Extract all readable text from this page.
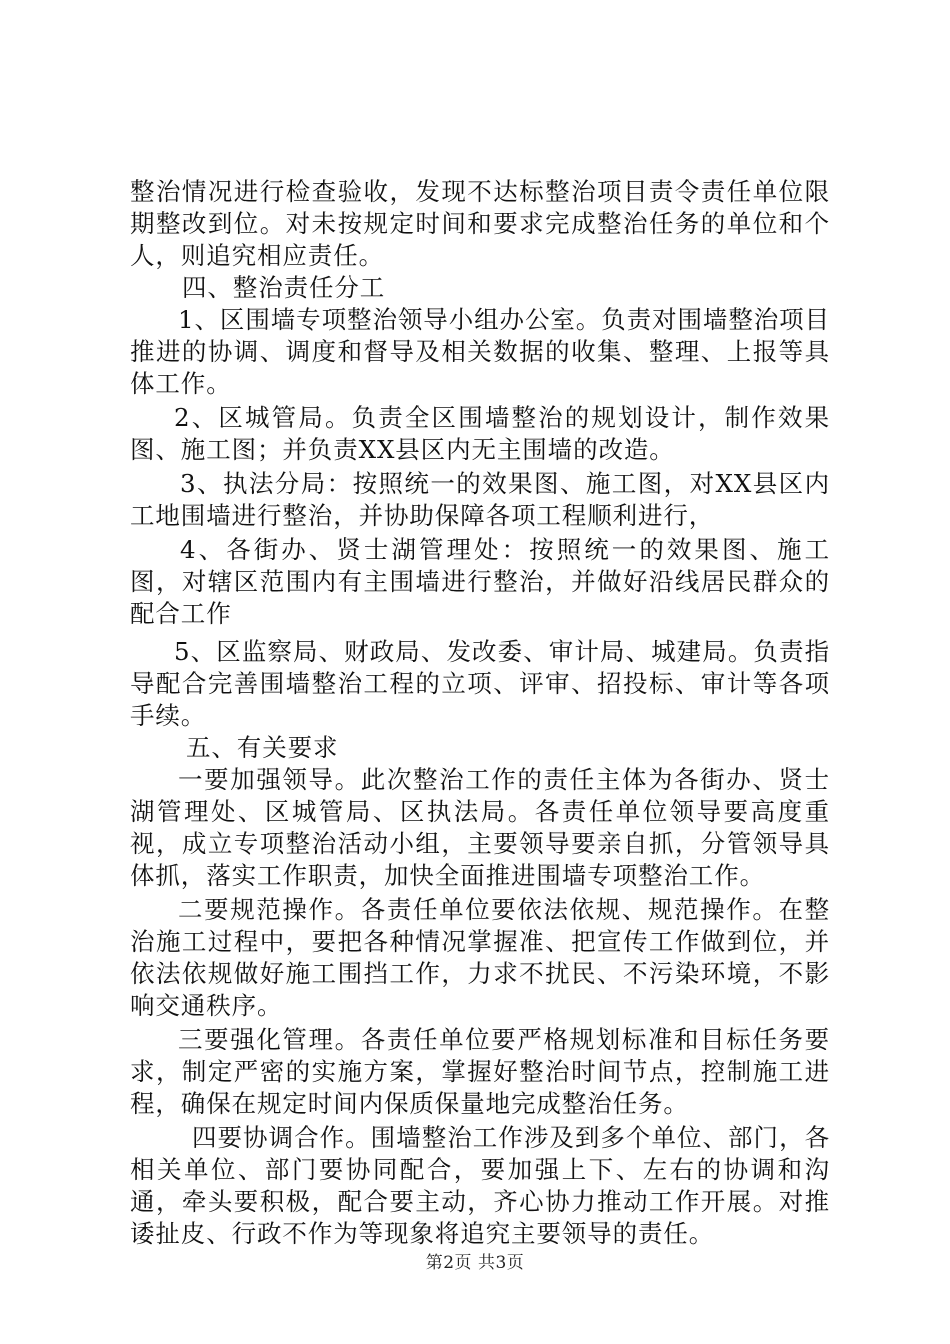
整治情况进行检查验收，发现不达标整治项目责令责任单位限期整改到位。对未按规定时间和要求完成整治任务的单位和个人，则追究相应责任。

四、整治责任分工

1、区围墙专项整治领导小组办公室。负责对围墙整治项目推进的协调、调度和督导及相关数据的收集、整理、上报等具体工作。

2、区城管局。负责全区围墙整治的规划设计，制作效果图、施工图；并负责XX县区内无主围墙的改造。

3、执法分局：按照统一的效果图、施工图，对XX县区内工地围墙进行整治，并协助保障各项工程顺利进行，

4、各街办、贤士湖管理处：按照统一的效果图、施工图，对辖区范围内有主围墙进行整治，并做好沿线居民群众的配合工作

5、区监察局、财政局、发改委、审计局、城建局。负责指导配合完善围墙整治工程的立项、评审、招投标、审计等各项手续。

五、有关要求

一要加强领导。此次整治工作的责任主体为各街办、贤士湖管理处、区城管局、区执法局。各责任单位领导要高度重视，成立专项整治活动小组，主要领导要亲自抓，分管领导具体抓，落实工作职责，加快全面推进围墙专项整治工作。

二要规范操作。各责任单位要依法依规、规范操作。在整治施工过程中，要把各种情况掌握准、把宣传工作做到位，并依法依规做好施工围挡工作，力求不扰民、不污染环境，不影响交通秩序。

三要强化管理。各责任单位要严格规划标准和目标任务要求，制定严密的实施方案，掌握好整治时间节点，控制施工进程，确保在规定时间内保质保量地完成整治任务。

四要协调合作。围墙整治工作涉及到多个单位、部门，各相关单位、部门要协同配合，要加强上下、左右的协调和沟通，牵头要积极，配合要主动，齐心协力推动工作开展。对推诿扯皮、行政不作为等现象将追究主要领导的责任。

第2页 共3页
